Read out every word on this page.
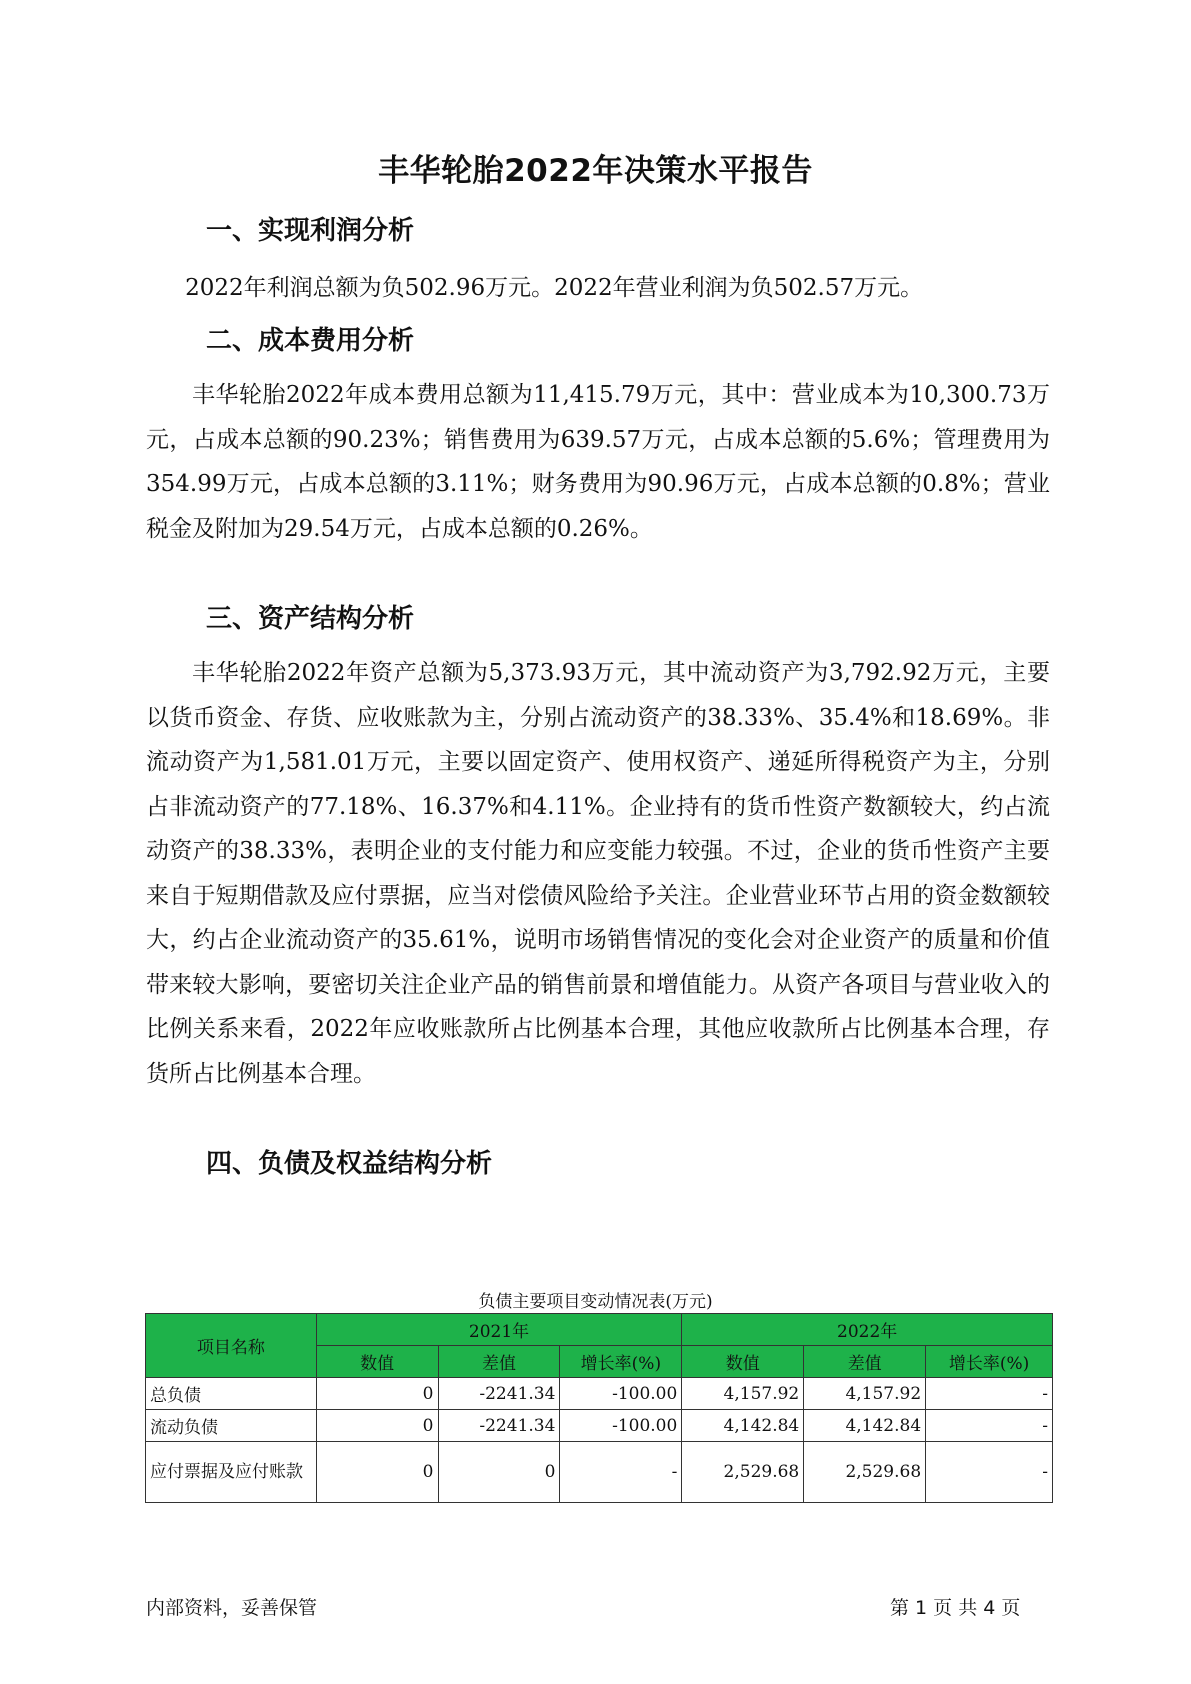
丰华轮胎2022年决策水平报告
一、实现利润分析
2022年利润总额为负502.96万元。2022年营业利润为负502.57万元。
二、成本费用分析
丰华轮胎2022年成本费用总额为11,415.79万元，其中：营业成本为10,300.73万元，占成本总额的90.23%；销售费用为639.57万元，占成本总额的5.6%；管理费用为354.99万元，占成本总额的3.11%；财务费用为90.96万元，占成本总额的0.8%；营业税金及附加为29.54万元，占成本总额的0.26%。
三、资产结构分析
丰华轮胎2022年资产总额为5,373.93万元，其中流动资产为3,792.92万元，主要以货币资金、存货、应收账款为主，分别占流动资产的38.33%、35.4%和18.69%。非流动资产为1,581.01万元，主要以固定资产、使用权资产、递延所得税资产为主，分别占非流动资产的77.18%、16.37%和4.11%。企业持有的货币性资产数额较大，约占流动资产的38.33%，表明企业的支付能力和应变能力较强。不过，企业的货币性资产主要来自于短期借款及应付票据，应当对偿债风险给予关注。企业营业环节占用的资金数额较大，约占企业流动资产的35.61%，说明市场销售情况的变化会对企业资产的质量和价值带来较大影响，要密切关注企业产品的销售前景和增值能力。从资产各项目与营业收入的比例关系来看，2022年应收账款所占比例基本合理，其他应收款所占比例基本合理，存货所占比例基本合理。
四、负债及权益结构分析
负债主要项目变动情况表(万元)
项目名称	2021年			2022年		
	数值	差值	增长率(%)	数值	差值	增长率(%)
总负债	0	-2241.34	-100.00	4,157.92	4,157.92	-
流动负债	0	-2241.34	-100.00	4,142.84	4,142.84	-
应付票据及应付账款	0	0	-	2,529.68	2,529.68	-
内部资料，妥善保管	第 1 页 共 4 页
